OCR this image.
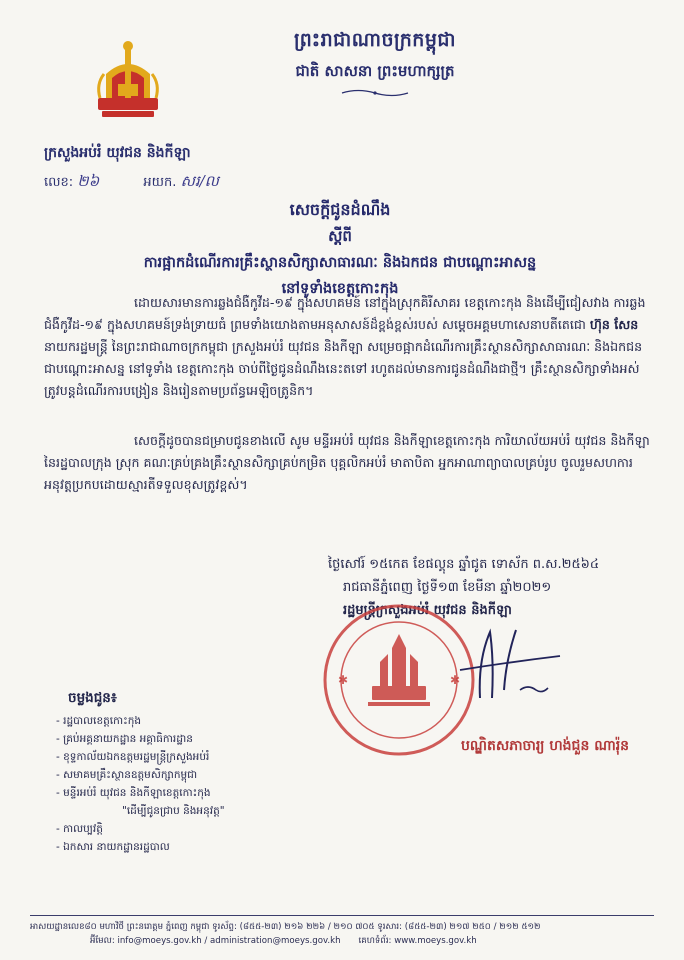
ព្រះរាជាណាចក្រកម្ពុជា
ជាតិ សាសនា ព្រះមហាក្សត្រ
ក្រសួងអប់រំ យុវជន និងកីឡា
លេខ: ២៦	អយក. សរ/ល
សេចក្តីជូនដំណឹង
ស្តីពី
ការផ្អាកដំណើរការគ្រឹះស្ថានសិក្សាសាធារណៈ និងឯកជន ជាបណ្តោះអាសន្ន
នៅទូទាំងខេត្តកោះកុង
ដោយសារមានការឆ្លងជំងឺកូវីដ-១៩ ក្នុងសហគមន៍ នៅក្នុងស្រុកគិរីសាគរ ខេត្តកោះកុង និងដើម្បីជៀសវាង ការឆ្លងជំងឺកូវីដ-១៩ ក្នុងសហគមន៍ទ្រង់ទ្រាយធំ ព្រមទាំងយោងតាមអនុសាសន៍ដ៏ខ្ពង់ខ្ពស់របស់ សម្តេចអគ្គមហាសេនាបតីតេជោ ហ៊ុន សែន នាយករដ្ឋមន្ត្រី នៃព្រះរាជាណាចក្រកម្ពុជា ក្រសួងអប់រំ យុវជន និងកីឡា សម្រេចផ្អាកដំណើរការគ្រឹះស្ថានសិក្សាសាធារណៈ និងឯកជន ជាបណ្តោះអាសន្ន នៅទូទាំង ខេត្តកោះកុង ចាប់ពីថ្ងៃជូនដំណឹងនេះតទៅ រហូតដល់មានការជូនដំណឹងជាថ្មី។ គ្រឹះស្ថានសិក្សាទាំងអស់ ត្រូវបន្តដំណើរការបង្រៀន និងរៀនតាមប្រព័ន្ធអេឡិចត្រូនិក។
សេចក្តីដូចបានជម្រាបជូនខាងលើ សូម មន្ទីរអប់រំ យុវជន និងកីឡាខេត្តកោះកុង ការិយាល័យអប់រំ យុវជន និងកីឡា នៃរដ្ឋបាលក្រុង ស្រុក គណៈគ្រប់គ្រងគ្រឹះស្ថានសិក្សាគ្រប់កម្រិត បុគ្គលិកអប់រំ មាតាបិតា អ្នកអាណាព្យាបាលគ្រប់រូប ចូលរួមសហការអនុវត្តប្រកបដោយស្មារតីទទួលខុសត្រូវខ្ពស់។
ថ្ងៃសៅរ៍ ១៥កេត ខែផល្គុន ឆ្នាំជូត ទោស័ក ព.ស.២៥៦៤
រាជធានីភ្នំពេញ ថ្ងៃទី១៣ ខែមីនា ឆ្នាំ២០២១
រដ្ឋមន្ត្រីក្រសួងអប់រំ យុវជន និងកីឡា
✱	✱
បណ្ឌិតសភាចារ្យ ហង់ជួន ណារ៉ុន
ចម្លងជូន៖
- រដ្ឋបាលខេត្តកោះកុង
- គ្រប់អគ្គនាយកដ្ឋាន អគ្គាធិការដ្ឋាន
- ខុទ្ទកាល័យឯកឧត្តមរដ្ឋមន្ត្រីក្រសួងអប់រំ
- សមាគមគ្រឹះស្ថានឧត្តមសិក្សាកម្ពុជា
- មន្ទីរអប់រំ យុវជន និងកីឡាខេត្តកោះកុង
"ដើម្បីជូនជ្រាប និងអនុវត្ត"
- កាលប្បវត្តិ
- ឯកសារ នាយកដ្ឋានរដ្ឋបាល
អាសយដ្ឋានលេខ៨០ មហាវិថី ព្រះនរោត្តម ភ្នំពេញ កម្ពុជា ទូរស័ព្ទ: (៨៥៥-២៣) ២១៦ ២២៦ / ២១០ ៧០៥ ទូរសារ: (៨៥៥-២៣) ២១៧ ២៥០ / ២១២ ៥១២
អ៊ីមែល: info@moeys.gov.kh / administration@moeys.gov.kh គេហទំព័រ: www.moeys.gov.kh
